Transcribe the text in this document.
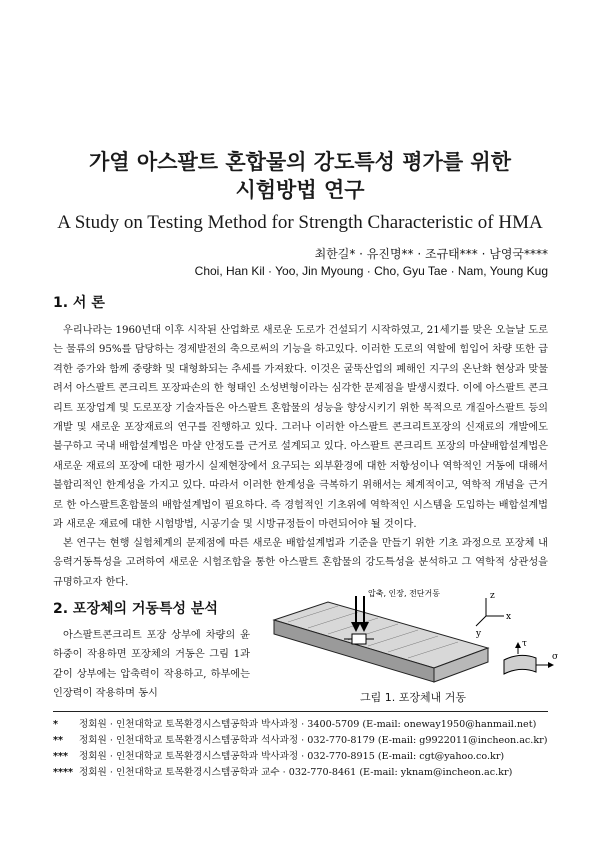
가열 아스팔트 혼합물의 강도특성 평가를 위한
시험방법 연구
A Study on Testing Method for Strength Characteristic of HMA
최한길* · 유진명** · 조규태*** · 남영국****
Choi, Han Kil · Yoo, Jin Myoung · Cho, Gyu Tae · Nam, Young Kug
1. 서 론

우리나라는 1960년대 이후 시작된 산업화로 새로운 도로가 건설되기 시작하였고, 21세기를 맞은 오늘날 도로는 물류의 95%를 담당하는 경제발전의 축으로써의 기능을 하고있다. 이러한 도로의 역할에 힘입어 차량 또한 급격한 증가와 함께 중량화 및 대형화되는 추세를 가져왔다. 이것은 굴뚝산업의 폐해인 지구의 온난화 현상과 맞물려서 아스팔트 콘크리트 포장파손의 한 형태인 소성변형이라는 심각한 문제점을 발생시켰다. 이에 아스팔트 콘크리트 포장업계 및 도로포장 기술자들은 아스팔트 혼합물의 성능을 향상시키기 위한 목적으로 개질아스팔트 등의 개발 및 새로운 포장재료의 연구를 진행하고 있다. 그러나 이러한 아스팔트 콘크리트포장의 신재료의 개발에도 불구하고 국내 배합설계법은 마샬 안정도를 근거로 설계되고 있다. 아스팔트 콘크리트 포장의 마샬배합설계법은 새로운 재료의 포장에 대한 평가시 실제현장에서 요구되는 외부환경에 대한 저항성이나 역학적인 거동에 대해서 불합리적인 한계성을 가지고 있다. 따라서 이러한 한계성을 극복하기 위해서는 체계적이고, 역학적 개념을 근거로 한 아스팔트혼합물의 배합설계법이 필요하다. 즉 경험적인 기초위에 역학적인 시스템을 도입하는 배합설계법과 새로운 재료에 대한 시험방법, 시공기술 및 시방규정들이 마련되어야 될 것이다.

본 연구는 현행 실험체계의 문제점에 따른 새로운 배합설계법과 기준을 만들기 위한 기초 과정으로 포장체 내 응력거동특성을 고려하여 새로운 시험조합을 통한 아스팔트 혼합물의 강도특성을 분석하고 그 역학적 상관성을 규명하고자 한다.

2. 포장체의 거동특성 분석

아스팔트콘크리트 포장 상부에 차량의 윤하중이 작용하면 포장체의 거동은 그림 1과 같이 상부에는 압축력이 작용하고, 하부에는 인장력이 작용하며 동시

압축, 인장, 전단거동
x
y
z
τ
σ
그림 1. 포장체내 거동
* 정회원 · 인천대학교 토목환경시스템공학과 박사과정 · 3400-5709 (E-mail: oneway1950@hanmail.net)
** 정회원 · 인천대학교 토목환경시스템공학과 석사과정 · 032-770-8179 (E-mail: g9922011@incheon.ac.kr)
*** 정회원 · 인천대학교 토목환경시스템공학과 박사과정 · 032-770-8915 (E-mail: cgt@yahoo.co.kr)
**** 정회원 · 인천대학교 토목환경시스템공학과 교수 · 032-770-8461 (E-mail: yknam@incheon.ac.kr)
